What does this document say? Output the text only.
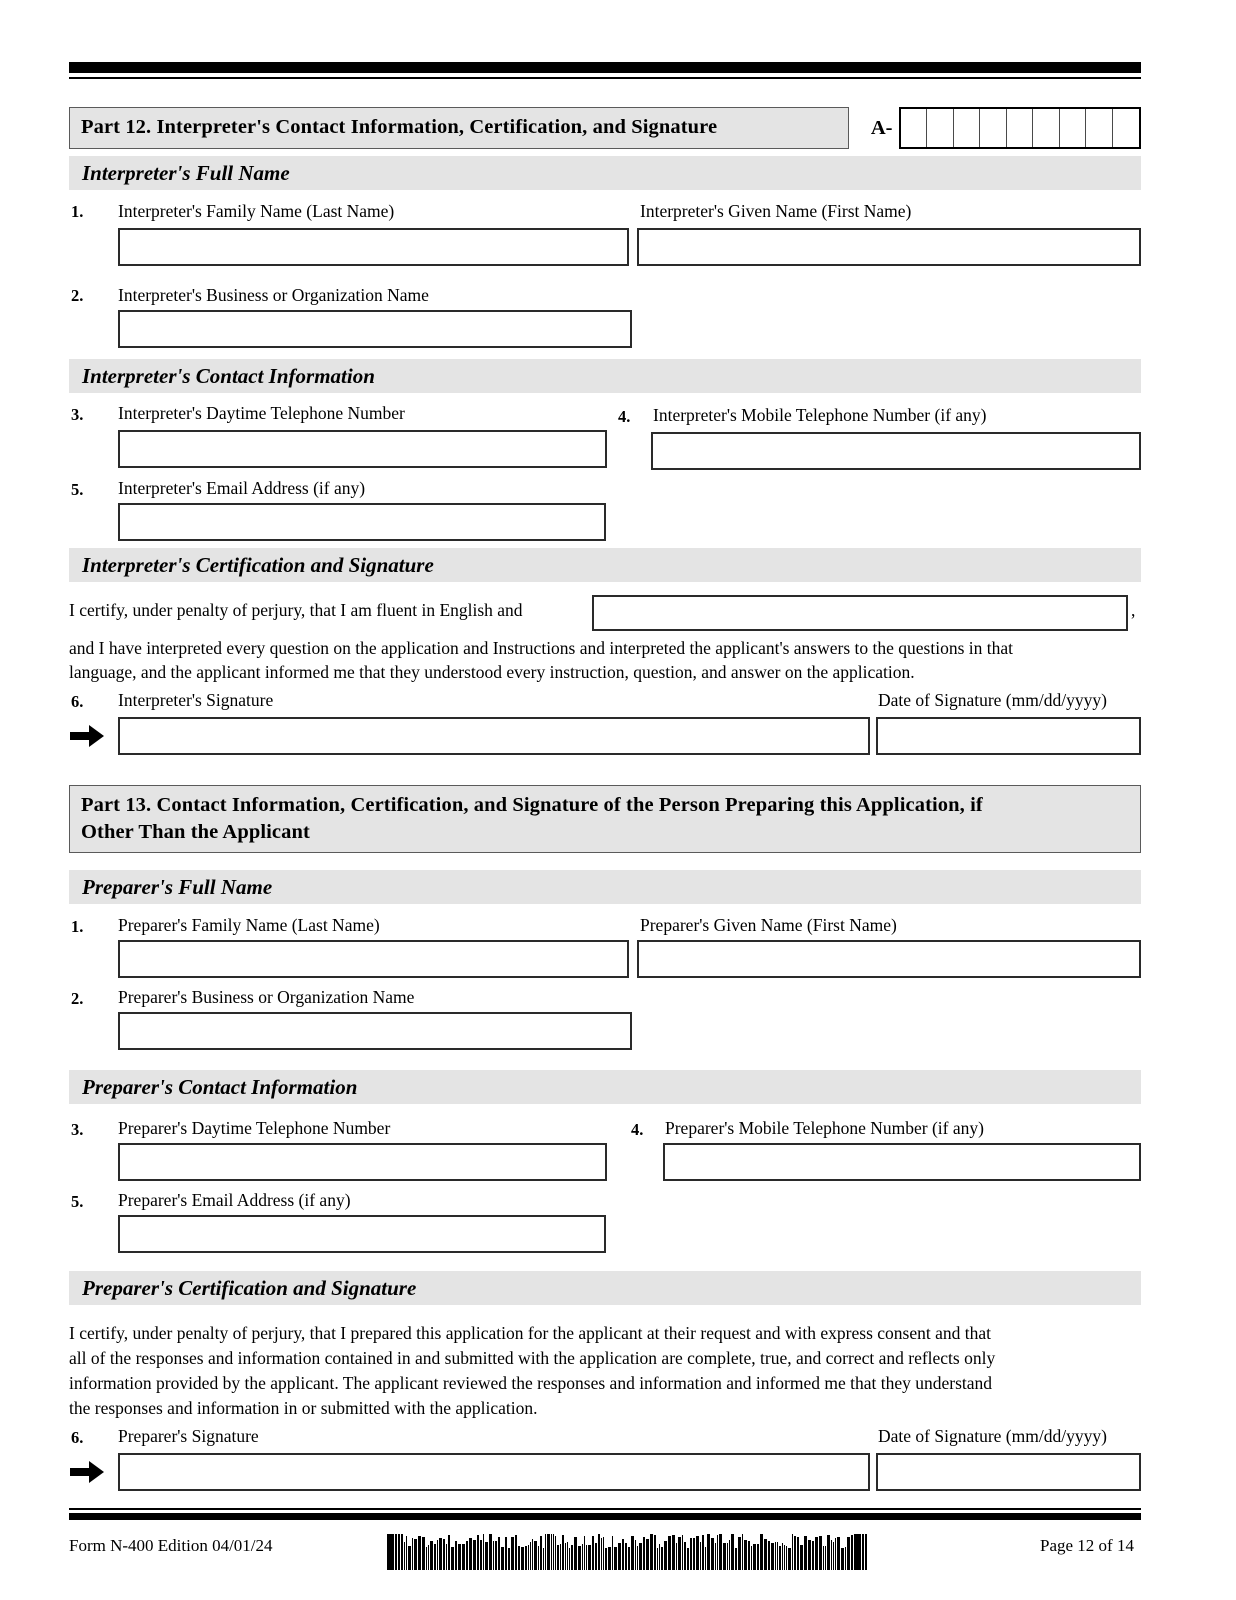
Part 12. Interpreter's Contact Information, Certification, and Signature	A-
Interpreter's Full Name
1. Interpreter's Family Name (Last Name)	Interpreter's Given Name (First Name)
2. Interpreter's Business or Organization Name
Interpreter's Contact Information
3. Interpreter's Daytime Telephone Number	4. Interpreter's Mobile Telephone Number (if any)
5. Interpreter's Email Address (if any)
Interpreter's Certification and Signature
I certify, under penalty of perjury, that I am fluent in English and	,
and I have interpreted every question on the application and Instructions and interpreted the applicant's answers to the questions in that
language, and the applicant informed me that they understood every instruction, question, and answer on the application.
6. Interpreter's Signature	Date of Signature (mm/dd/yyyy)
Part 13. Contact Information, Certification, and Signature of the Person Preparing this Application, if
Other Than the Applicant
Preparer's Full Name
1. Preparer's Family Name (Last Name)	Preparer's Given Name (First Name)
2. Preparer's Business or Organization Name
Preparer's Contact Information
3. Preparer's Daytime Telephone Number	4. Preparer's Mobile Telephone Number (if any)
5. Preparer's Email Address (if any)
Preparer's Certification and Signature
I certify, under penalty of perjury, that I prepared this application for the applicant at their request and with express consent and that
all of the responses and information contained in and submitted with the application are complete, true, and correct and reflects only
information provided by the applicant. The applicant reviewed the responses and information and informed me that they understand
the responses and information in or submitted with the application.
6. Preparer's Signature	Date of Signature (mm/dd/yyyy)
Form N-400 Edition 04/01/24	Page 12 of 14
